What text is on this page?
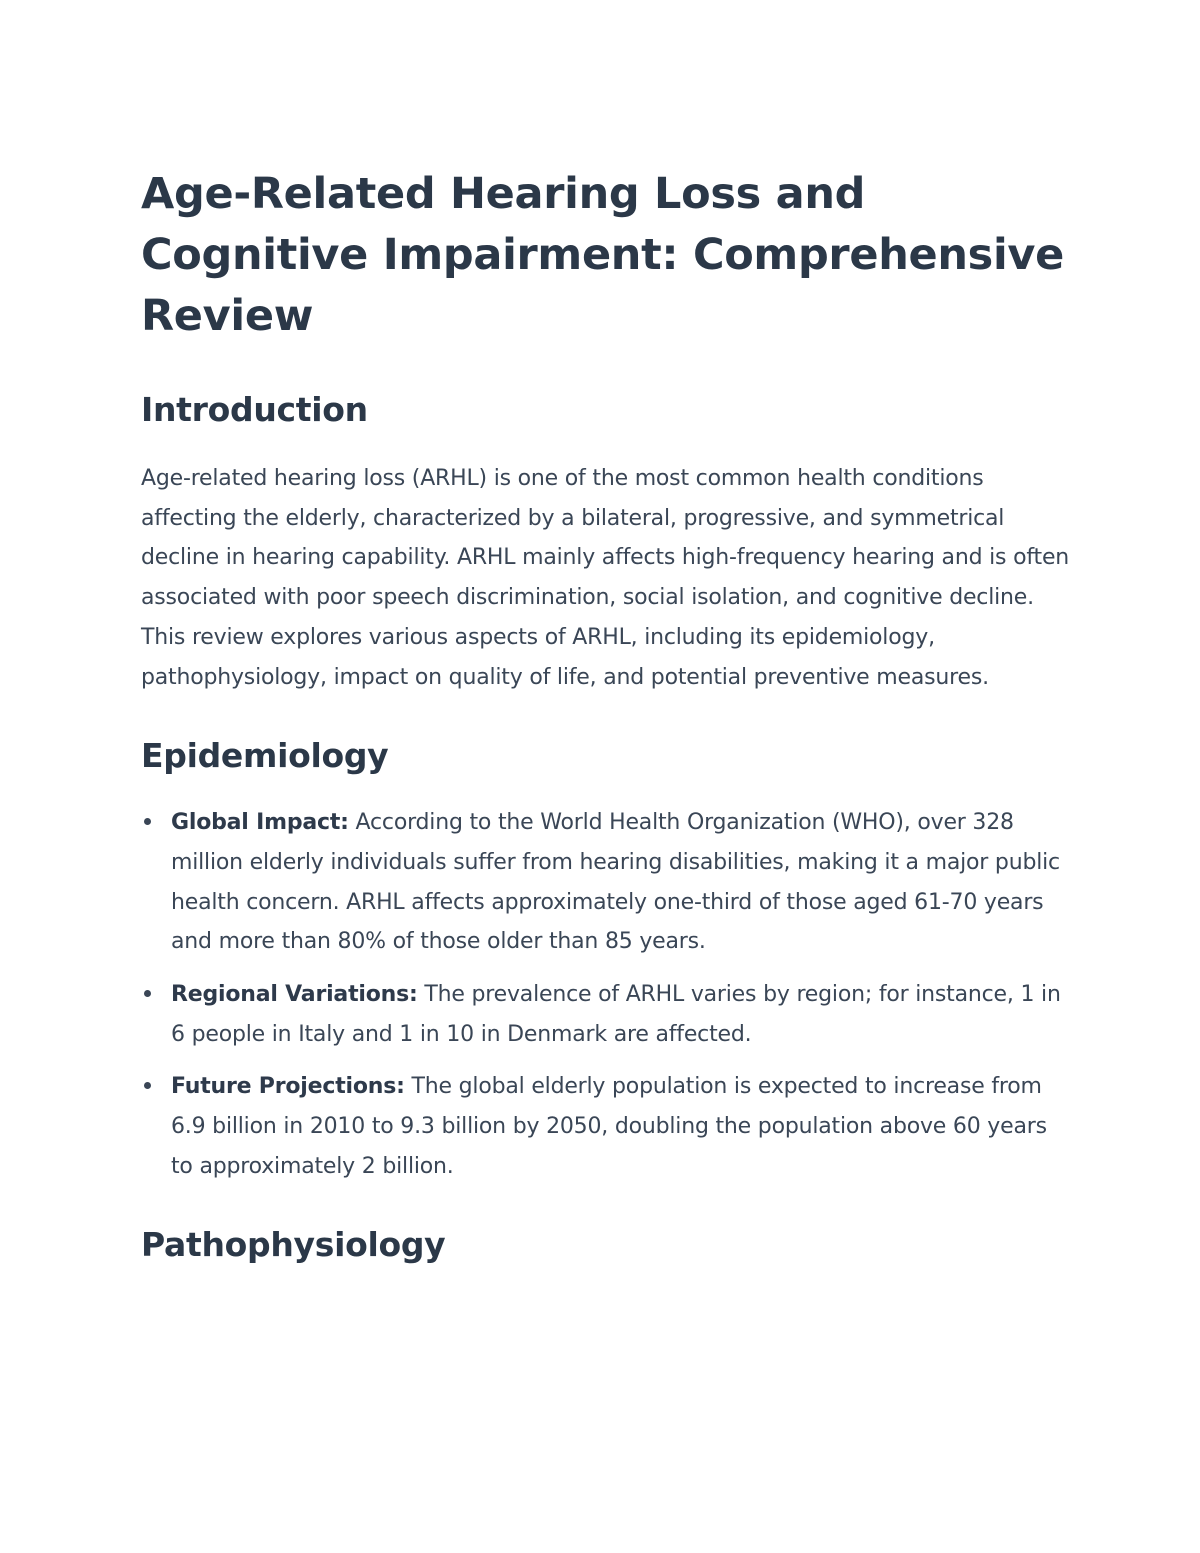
Age-Related Hearing Loss and Cognitive Impairment: Comprehensive Review
Introduction

Age-related hearing loss (ARHL) is one of the most common health conditions affecting the elderly, characterized by a bilateral, progressive, and symmetrical decline in hearing capability. ARHL mainly affects high-frequency hearing and is often associated with poor speech discrimination, social isolation, and cognitive decline. This review explores various aspects of ARHL, including its epidemiology, pathophysiology, impact on quality of life, and potential preventive measures.

Epidemiology
Global Impact: According to the World Health Organization (WHO), over 328 million elderly individuals suffer from hearing disabilities, making it a major public health concern. ARHL affects approximately one-third of those aged 61-70 years and more than 80% of those older than 85 years.
Regional Variations: The prevalence of ARHL varies by region; for instance, 1 in 6 people in Italy and 1 in 10 in Denmark are affected.
Future Projections: The global elderly population is expected to increase from 6.9 billion in 2010 to 9.3 billion by 2050, doubling the population above 60 years to approximately 2 billion.
Pathophysiology
